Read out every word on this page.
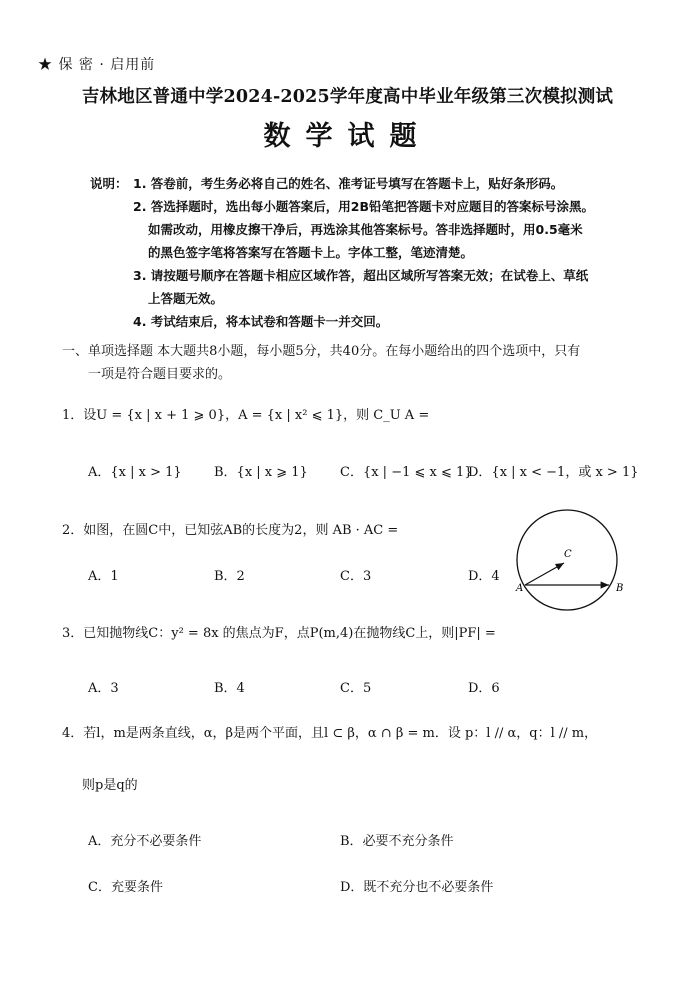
★ 保 密 · 启用前
吉林地区普通中学2024-2025学年度高中毕业年级第三次模拟测试
数学试题
说明： 1. 答卷前，考生务必将自己的姓名、准考证号填写在答题卡上，贴好条形码。
2. 答选择题时，选出每小题答案后，用2B铅笔把答题卡对应题目的答案标号涂黑。
如需改动，用橡皮擦干净后，再选涂其他答案标号。答非选择题时，用0.5毫米
的黑色签字笔将答案写在答题卡上。字体工整，笔迹清楚。
3. 请按题号顺序在答题卡相应区域作答，超出区域所写答案无效；在试卷上、草纸
上答题无效。
4. 考试结束后，将本试卷和答题卡一并交回。
一、单项选择题 本大题共8小题，每小题5分，共40分。在每小题给出的四个选项中，只有
一项是符合题目要求的。
1．设U = {x | x + 1 ⩾ 0}，A = {x | x² ⩽ 1}，则 C_U A =
A．{x | x > 1} B．{x | x ⩾ 1} C．{x | −1 ⩽ x ⩽ 1}
D．{x | x < −1，或 x > 1}
2．如图，在圆C中，已知弦AB的长度为2，则 AB · AC =
A．1	B．2	C．3	D．4
A	B
C
3．已知抛物线C：y² = 8x 的焦点为F，点P(m,4)在抛物线C上，则|PF| =
A．3	B．4	C．5	D．6
4．若l，m是两条直线，α，β是两个平面，且l ⊂ β，α ∩ β = m．设 p：l // α，q：l // m，
则p是q的
A．充分不必要条件	B．必要不充分条件
C．充要条件	D．既不充分也不必要条件
